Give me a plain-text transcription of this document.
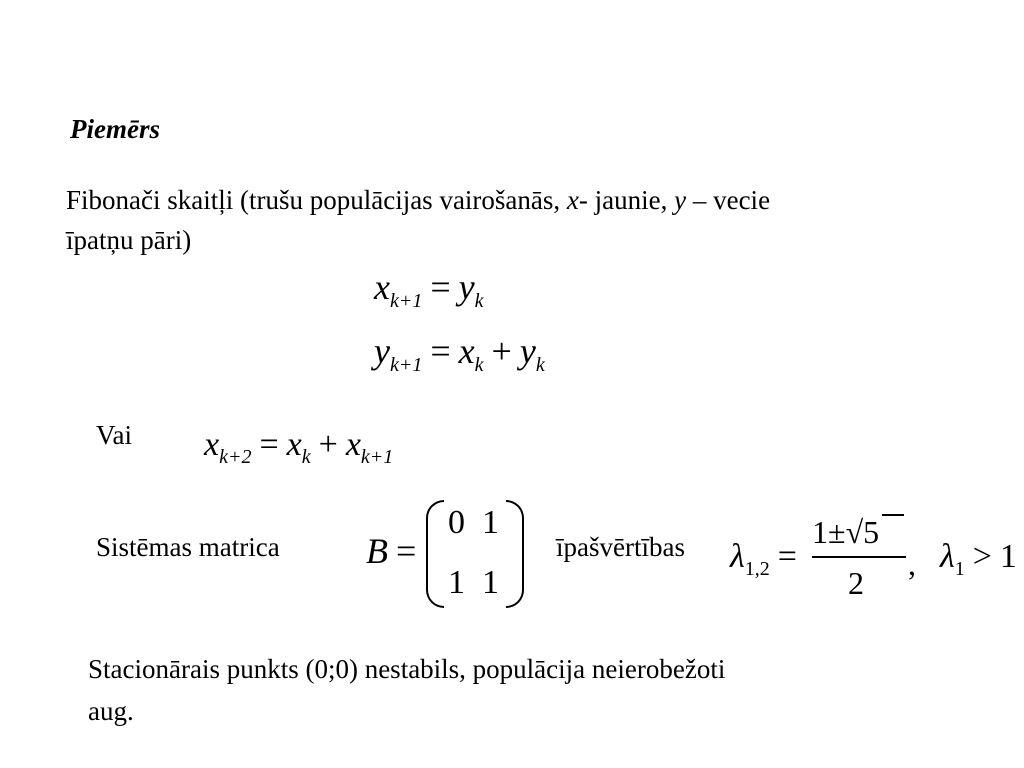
Piemērs
Fibonači skaitļi (trušu populācijas vairošanās, x- jaunie, y – vecie
īpatņu pāri)
$x_{k+1} = y_k$
$y_{k+1} = x_k + y_k$
Vai $x_{k+2} = x_k + x_{k+1}$
Sistēmas matrica B =
0 1
1 1
īpašvērtības $\lambda_{1,2}$ =
1±√5
2
, $\lambda_1 > 1$
Stacionārais punkts (0;0) nestabils, populācija neierobežoti
aug.
